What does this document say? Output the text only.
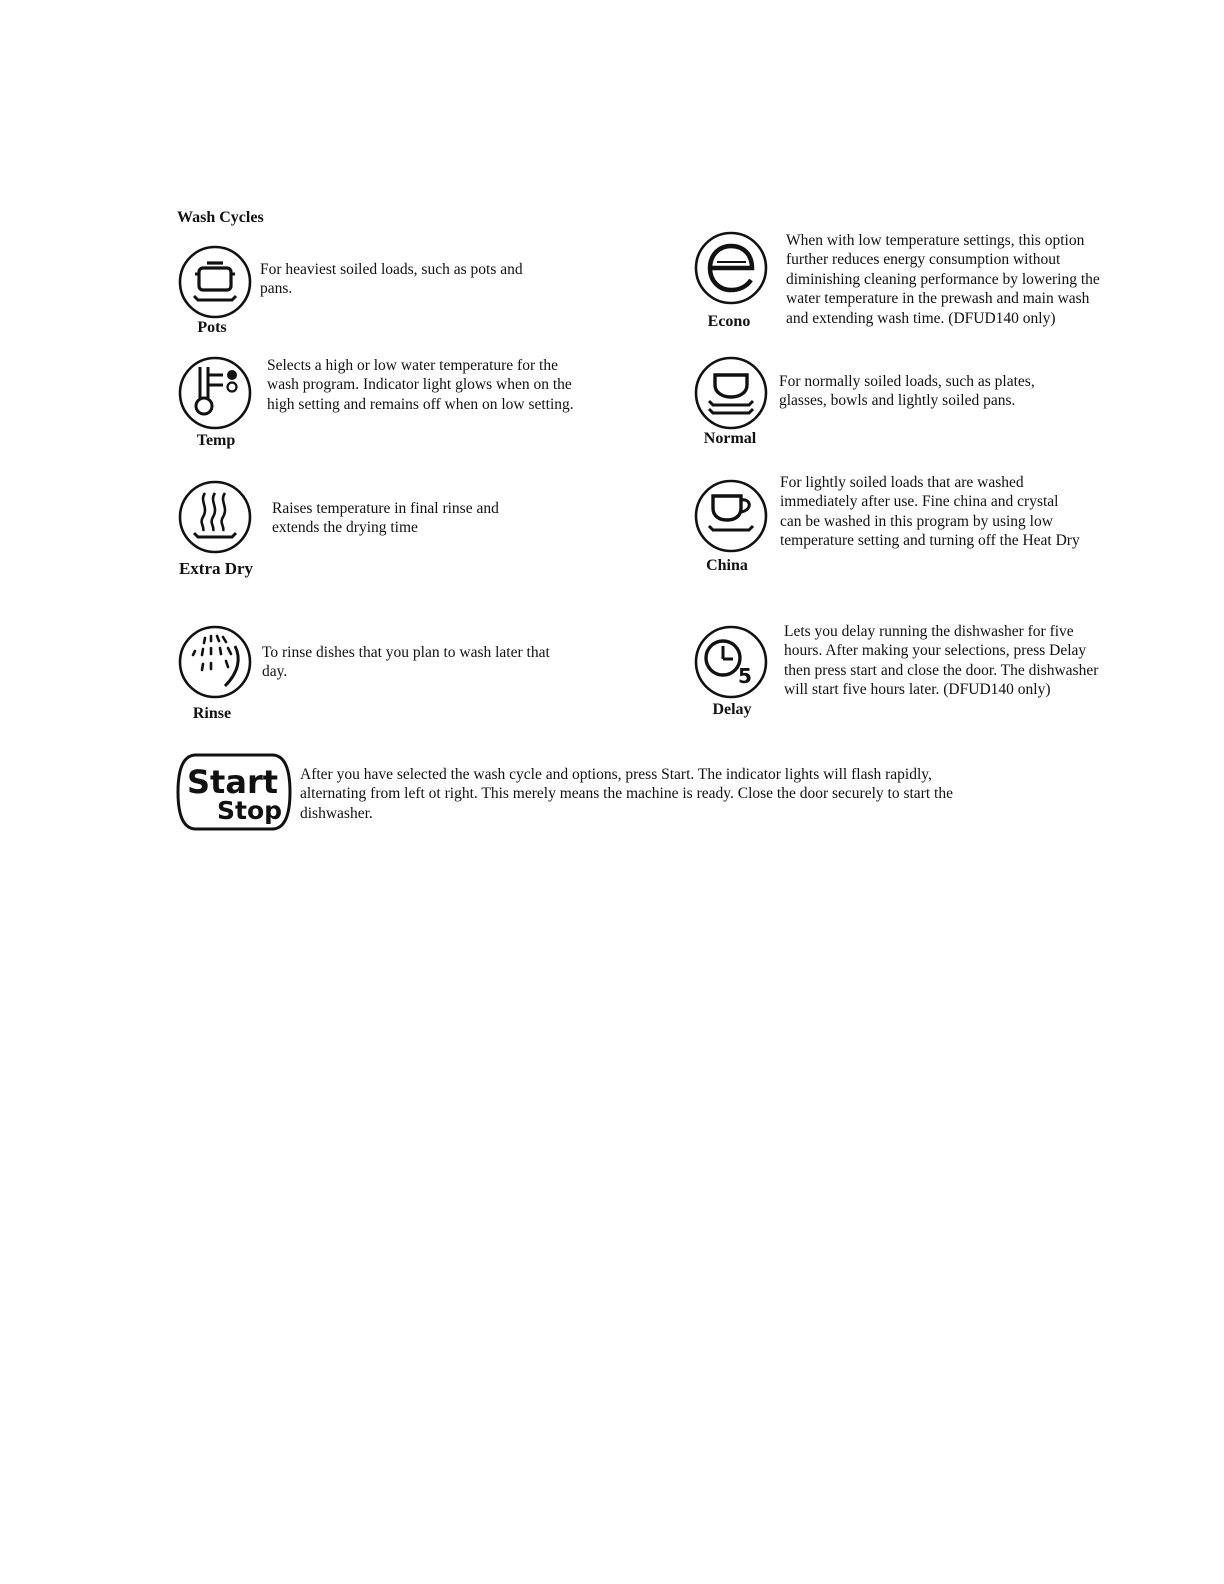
Wash Cycles
Pots
For heaviest soiled loads, such as pots and pans.
Temp
Selects a high or low water temperature for the wash program. Indicator light glows when on the high setting and remains off when on low setting.
Extra Dry
Raises temperature in final rinse and extends the drying time
Rinse
To rinse dishes that you plan to wash later that day.
Econo
When with low temperature settings, this option further reduces energy consumption without diminishing cleaning performance by lowering the water temperature in the prewash and main wash and extending wash time. (DFUD140 only)
Normal
For normally soiled loads, such as plates, glasses, bowls and lightly soiled pans.
China
For lightly soiled loads that are washed immediately after use. Fine china and crystal can be washed in this program by using low temperature setting and turning off the Heat Dry
5
Delay
Lets you delay running the dishwasher for five hours. After making your selections, press Delay then press start and close the door. The dishwasher will start five hours later. (DFUD140 only)
Start
Stop
After you have selected the wash cycle and options, press Start. The indicator lights will flash rapidly, alternating from left ot right. This merely means the machine is ready. Close the door securely to start the dishwasher.
